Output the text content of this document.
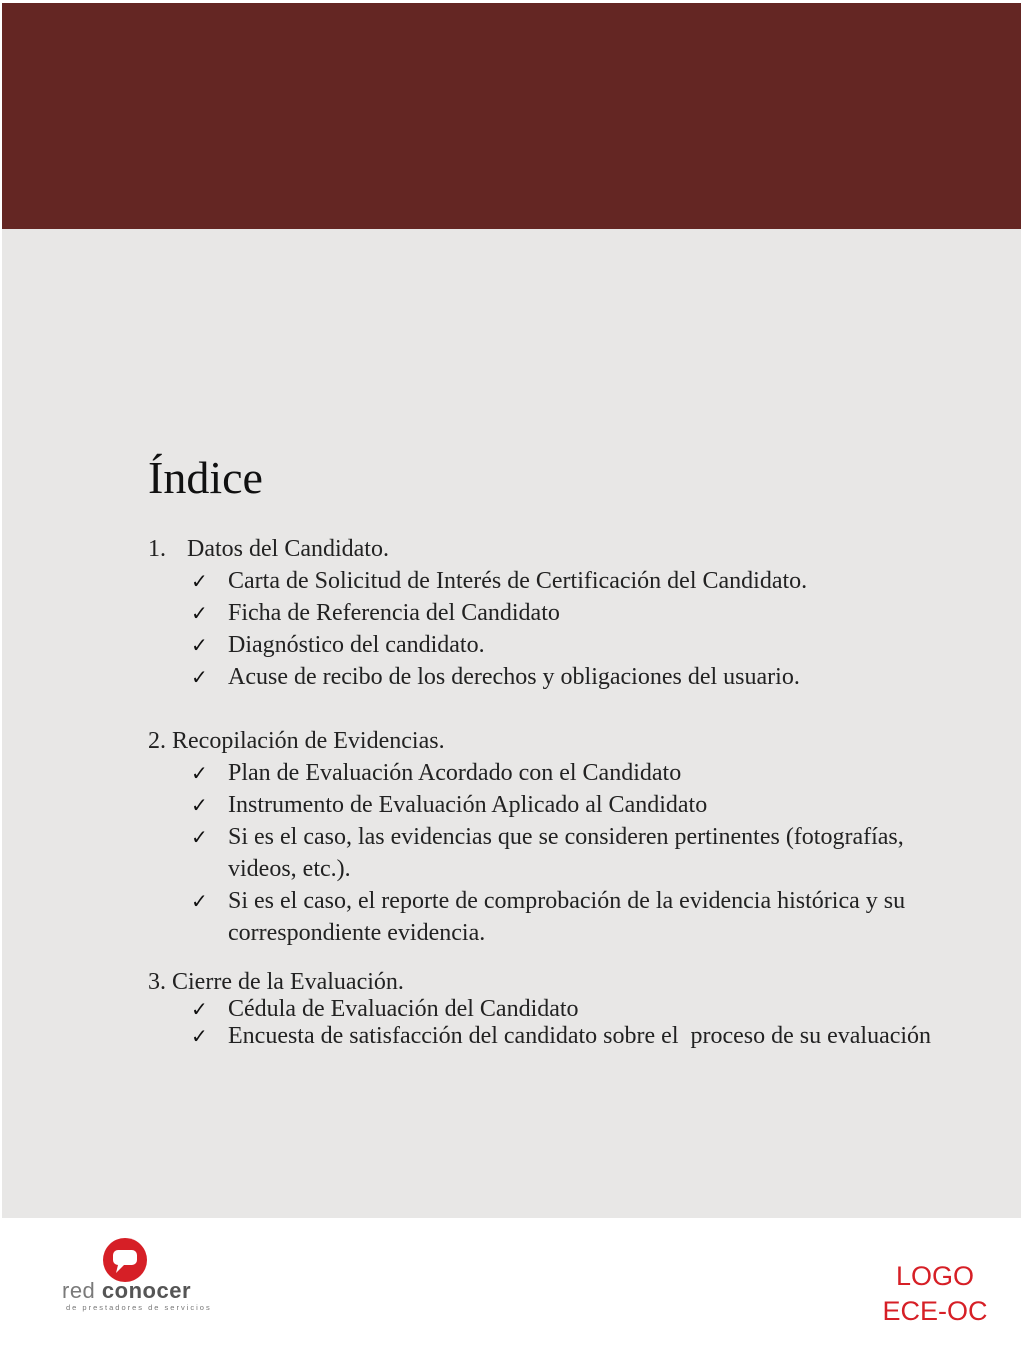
Índice

1. Datos del Candidato.

✓ Carta de Solicitud de Interés de Certificación del Candidato.
✓ Ficha de Referencia del Candidato
✓ Diagnóstico del candidato.
✓ Acuse de recibo de los derechos y obligaciones del usuario.

2. Recopilación de Evidencias.

✓ Plan de Evaluación Acordado con el Candidato
✓ Instrumento de Evaluación Aplicado al Candidato
✓ Si es el caso, las evidencias que se consideren pertinentes (fotografías, videos, etc.).
✓ Si es el caso, el reporte de comprobación de la evidencia histórica y su correspondiente evidencia.

3. Cierre de la Evaluación.

✓ Cédula de Evaluación del Candidato
✓ Encuesta de satisfacción del candidato sobre el  proceso de su evaluación
red conocer
de prestadores de servicios
LOGO
ECE-OC
